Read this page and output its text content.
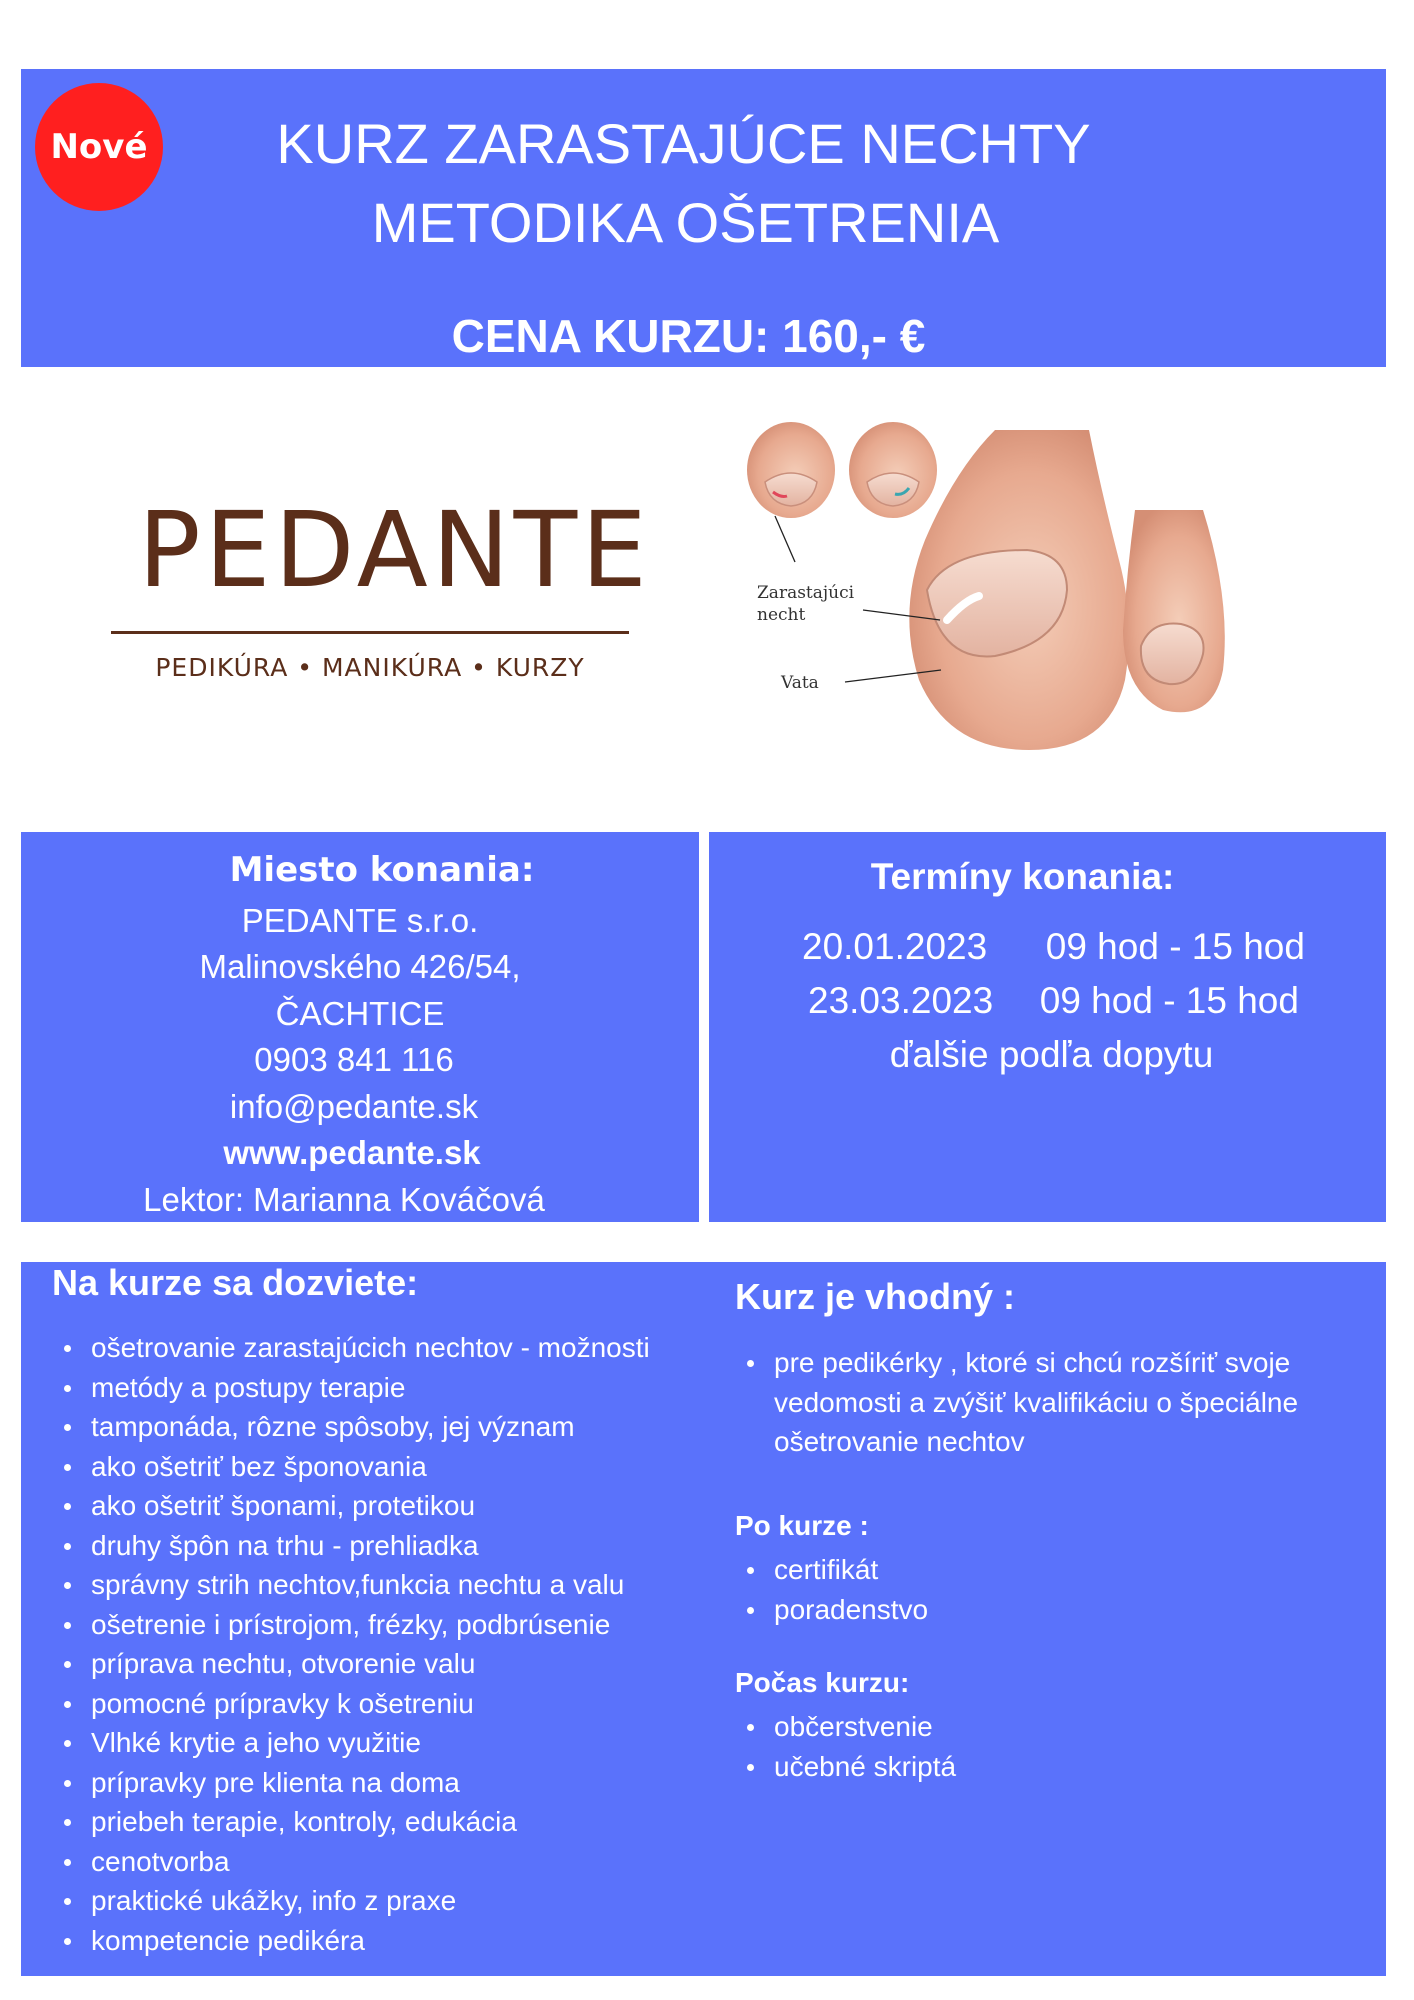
KURZ ZARASTAJÚCE NECHTY
METODIKA OŠETRENIA
CENA KURZU: 160,- €
Nové
PEDANTE
PEDIKÚRA • MANIKÚRA • KURZY
Zarastajúci
necht
Vata
Miesto konania:
PEDANTE s.r.o.
Malinovského 426/54,
ČACHTICE
0903 841 116
info@pedante.sk
www.pedante.sk
Lektor: Marianna Kováčová
Termíny konania:
20.01.2023 09 hod - 15 hod
23.03.2023 09 hod - 15 hod
ďalšie podľa dopytu
Na kurze sa dozviete:
ošetrovanie zarastajúcich nechtov - možnosti
metódy a postupy terapie
tamponáda, rôzne spôsoby, jej význam
ako ošetriť bez šponovania
ako ošetriť šponami, protetikou
druhy špôn na trhu - prehliadka
správny strih nechtov,funkcia nechtu a valu
ošetrenie i prístrojom, frézky, podbrúsenie
príprava nechtu, otvorenie valu
pomocné prípravky k ošetreniu
Vlhké krytie a jeho využitie
prípravky pre klienta na doma
priebeh terapie, kontroly, edukácia
cenotvorba
praktické ukážky, info z praxe
kompetencie pedikéra
Kurz je vhodný :
pre pedikérky , ktoré si chcú rozšíriť svoje vedomosti a zvýšiť kvalifikáciu o špeciálne ošetrovanie nechtov
Po kurze :
certifikát
poradenstvo
Počas kurzu:
občerstvenie
učebné skriptá
